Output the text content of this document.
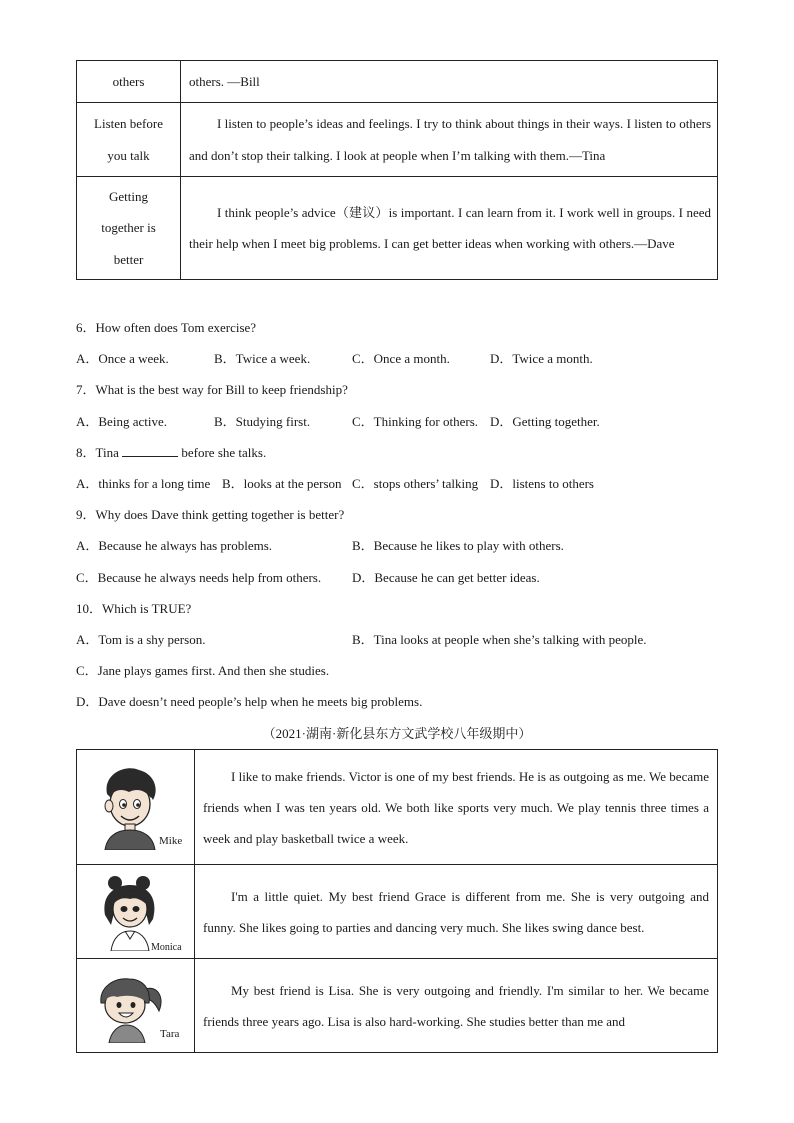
others	others. —Bill

Listen before
you talk	I listen to people’s ideas and feelings. I try to think about things in their ways. I listen to others and don’t stop their talking. I look at people when I’m talking with them.—Tina

Getting
together is
better	I think people’s advice（建议）is important. I can learn from it. I work well in groups. I need their help when I meet big problems. I can get better ideas when working with others.—Dave
6．How often does Tom exercise?
A．Once a week.	B．Twice a week.	C．Once a month.	D．Twice a month.
7．What is the best way for Bill to keep friendship?
A．Being active.	B．Studying first.	C．Thinking for others. D．Getting together.
8．Tina	before she talks.
A．thinks for a long time B．looks at the person C．stops others’ talking D．listens to others
9．Why does Dave think getting together is better?
A．Because he always has problems.	B．Because he likes to play with others.
C．Because he always needs help from others. D．Because he can get better ideas.
10．Which is TRUE?
A．Tom is a shy person.	B．Tina looks at people when she’s talking with people.
C．Jane plays games first. And then she studies.
D．Dave doesn’t need people’s help when he meets big problems.
（2021·湖南·新化县东方文武学校八年级期中）
Mike	I like to make friends. Victor is one of my best friends. He is as outgoing as me. We became friends when I was ten years old. We both like sports very much. We play tennis three times a week and play basketball twice a week.

Monica	I'm a little quiet. My best friend Grace is different from me. She is very outgoing and funny. She likes going to parties and dancing very much. She likes swing dance best.

Tara	My best friend is Lisa. She is very outgoing and friendly. I'm similar to her. We became friends three years ago. Lisa is also hard-working. She studies better than me and
